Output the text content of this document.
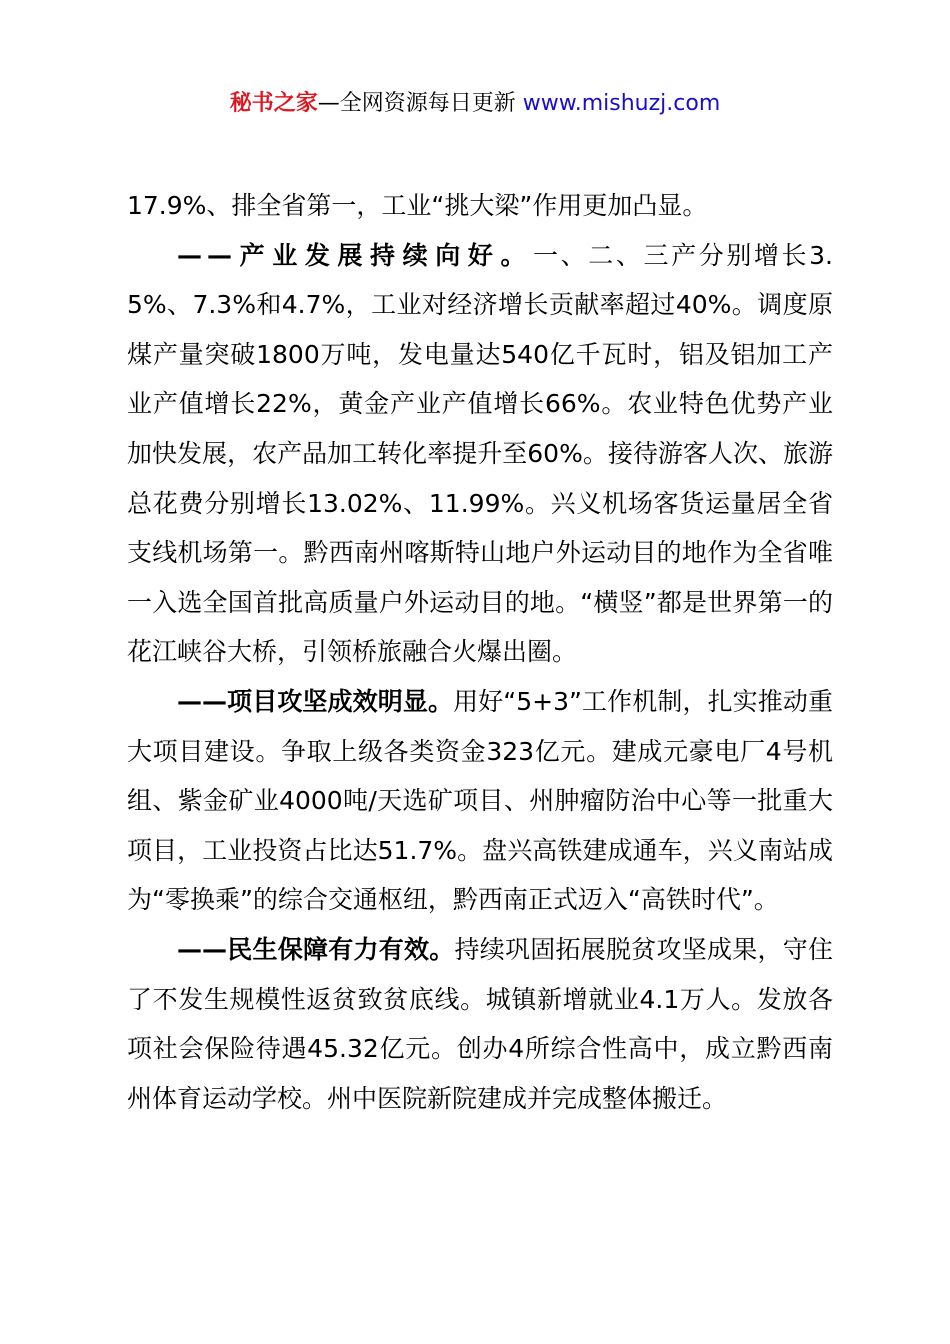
秘书之家—全网资源每日更新 www.mishuzj.com

17.9%、排全省第一，工业“挑大梁”作用更加凸显。

——产业发展持续向好。一、二、三产分别增长3.5%、7.3%和4.7%，工业对经济增长贡献率超过40%。调度原煤产量突破1800万吨，发电量达540亿千瓦时，铝及铝加工产业产值增长22%，黄金产业产值增长66%。农业特色优势产业加快发展，农产品加工转化率提升至60%。接待游客人次、旅游总花费分别增长13.02%、11.99%。兴义机场客货运量居全省支线机场第一。黔西南州喀斯特山地户外运动目的地作为全省唯一入选全国首批高质量户外运动目的地。“横竖”都是世界第一的花江峡谷大桥，引领桥旅融合火爆出圈。

——项目攻坚成效明显。用好“5+3”工作机制，扎实推动重大项目建设。争取上级各类资金323亿元。建成元豪电厂4号机组、紫金矿业4000吨/天选矿项目、州肿瘤防治中心等一批重大项目，工业投资占比达51.7%。盘兴高铁建成通车，兴义南站成为“零换乘”的综合交通枢纽，黔西南正式迈入“高铁时代”。

——民生保障有力有效。持续巩固拓展脱贫攻坚成果，守住了不发生规模性返贫致贫底线。城镇新增就业4.1万人。发放各项社会保险待遇45.32亿元。创办4所综合性高中，成立黔西南州体育运动学校。州中医院新院建成并完成整体搬迁。
